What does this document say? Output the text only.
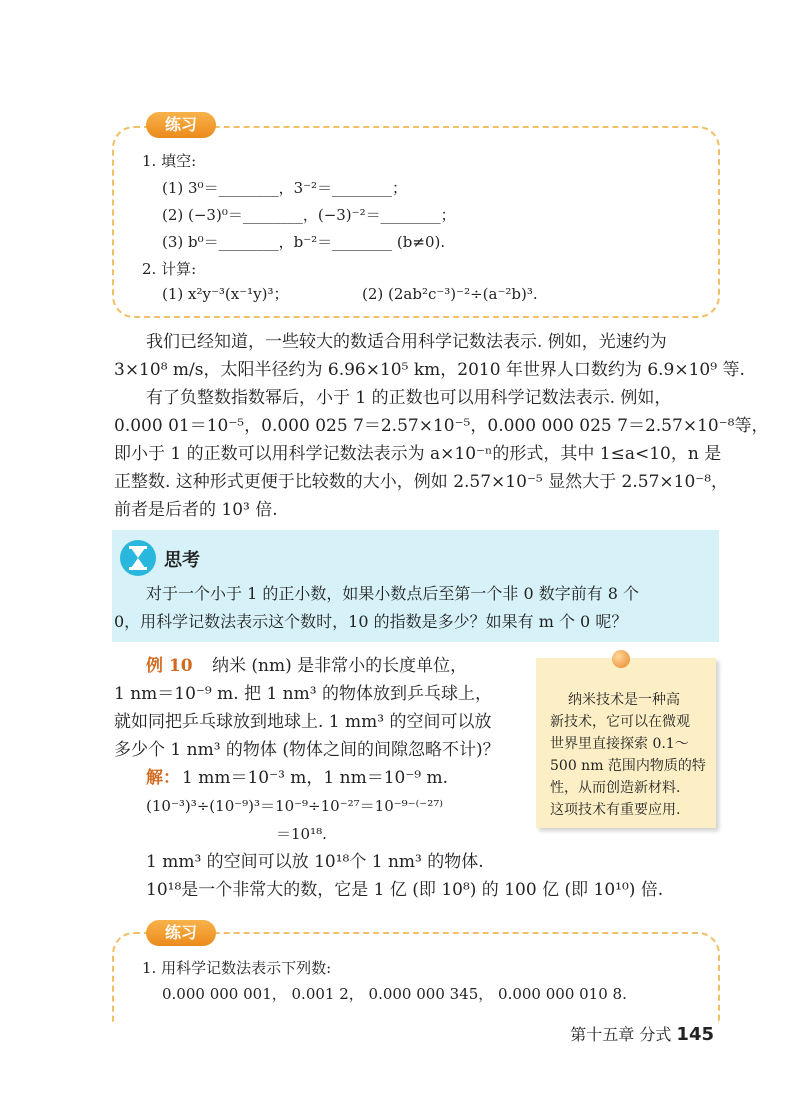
练习
1. 填空:
(1) 3⁰＝________，3⁻²＝________；
(2) (−3)⁰＝________，(−3)⁻²＝________；
(3) b⁰＝________，b⁻²＝________ (b≠0).
2. 计算:
(1) x²y⁻³(x⁻¹y)³；	(2) (2ab²c⁻³)⁻²÷(a⁻²b)³.
我们已经知道，一些较大的数适合用科学记数法表示. 例如，光速约为
3×10⁸ m/s，太阳半径约为 6.96×10⁵ km，2010 年世界人口数约为 6.9×10⁹ 等.
有了负整数指数幂后，小于 1 的正数也可以用科学记数法表示. 例如，
0.000 01＝10⁻⁵，0.000 025 7＝2.57×10⁻⁵，0.000 000 025 7＝2.57×10⁻⁸等，
即小于 1 的正数可以用科学记数法表示为 a×10⁻ⁿ的形式，其中 1≤a<10，n 是
正整数. 这种形式更便于比较数的大小，例如 2.57×10⁻⁵ 显然大于 2.57×10⁻⁸，
前者是后者的 10³ 倍.
思考
对于一个小于 1 的正小数，如果小数点后至第一个非 0 数字前有 8 个
0，用科学记数法表示这个数时，10 的指数是多少？如果有 m 个 0 呢？
例 10 纳米 (nm) 是非常小的长度单位，
1 nm＝10⁻⁹ m. 把 1 nm³ 的物体放到乒乓球上，
就如同把乒乓球放到地球上. 1 mm³ 的空间可以放
多少个 1 nm³ 的物体 (物体之间的间隙忽略不计)？
解： 1 mm＝10⁻³ m，1 nm＝10⁻⁹ m.
(10⁻³)³÷(10⁻⁹)³＝10⁻⁹÷10⁻²⁷＝10⁻⁹⁻⁽⁻²⁷⁾
＝10¹⁸.
1 mm³ 的空间可以放 10¹⁸个 1 nm³ 的物体.
10¹⁸是一个非常大的数，它是 1 亿 (即 10⁸) 的 100 亿 (即 10¹⁰) 倍.
纳米技术是一种高
新技术，它可以在微观
世界里直接探索 0.1～
500 nm 范围内物质的特
性，从而创造新材料.
这项技术有重要应用.
练习
1. 用科学记数法表示下列数:
0.000 000 001， 0.001 2， 0.000 000 345， 0.000 000 010 8.
第十五章 分式 145
